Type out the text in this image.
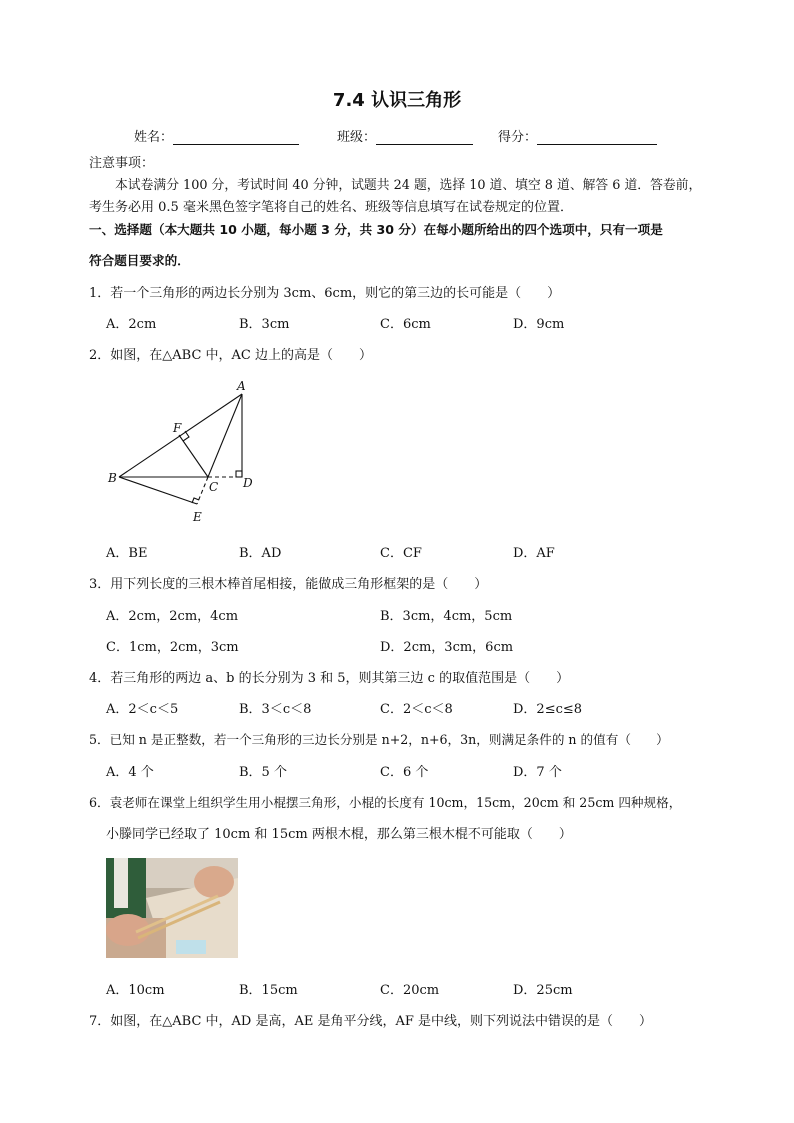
7.4 认识三角形
姓名：	班级：	得分：
注意事项：
本试卷满分 100 分，考试时间 40 分钟，试题共 24 题，选择 10 道、填空 8 道、解答 6 道．答卷前，
考生务必用 0.5 毫米黑色签字笔将自己的姓名、班级等信息填写在试卷规定的位置．
一、选择题（本大题共 10 小题，每小题 3 分，共 30 分）在每小题所给出的四个选项中，只有一项是
符合题目要求的．
1．若一个三角形的两边长分别为 3cm、6cm，则它的第三边的长可能是（　　）
A．2cm	B．3cm	C．6cm	D．9cm
2．如图，在△ABC 中，AC 边上的高是（　　）
A
B
C D
E
F
A．BE	B．AD	C．CF	D．AF
3．用下列长度的三根木棒首尾相接，能做成三角形框架的是（　　）
A．2cm，2cm，4cm	B．3cm，4cm，5cm
C．1cm，2cm，3cm	D．2cm，3cm，6cm
4．若三角形的两边 a、b 的长分别为 3 和 5，则其第三边 c 的取值范围是（　　）
A．2＜c＜5	B．3＜c＜8	C．2＜c＜8	D．2≤c≤8
5．已知 n 是正整数，若一个三角形的三边长分别是 n+2，n+6，3n，则满足条件的 n 的值有（　　）
A．4 个	B．5 个	C．6 个	D．7 个
6．袁老师在课堂上组织学生用小棍摆三角形，小棍的长度有 10cm，15cm，20cm 和 25cm 四种规格，
小滕同学已经取了 10cm 和 15cm 两根木棍，那么第三根木棍不可能取（　　）
A．10cm	B．15cm	C．20cm	D．25cm
7．如图，在△ABC 中，AD 是高，AE 是角平分线，AF 是中线，则下列说法中错误的是（　　）
